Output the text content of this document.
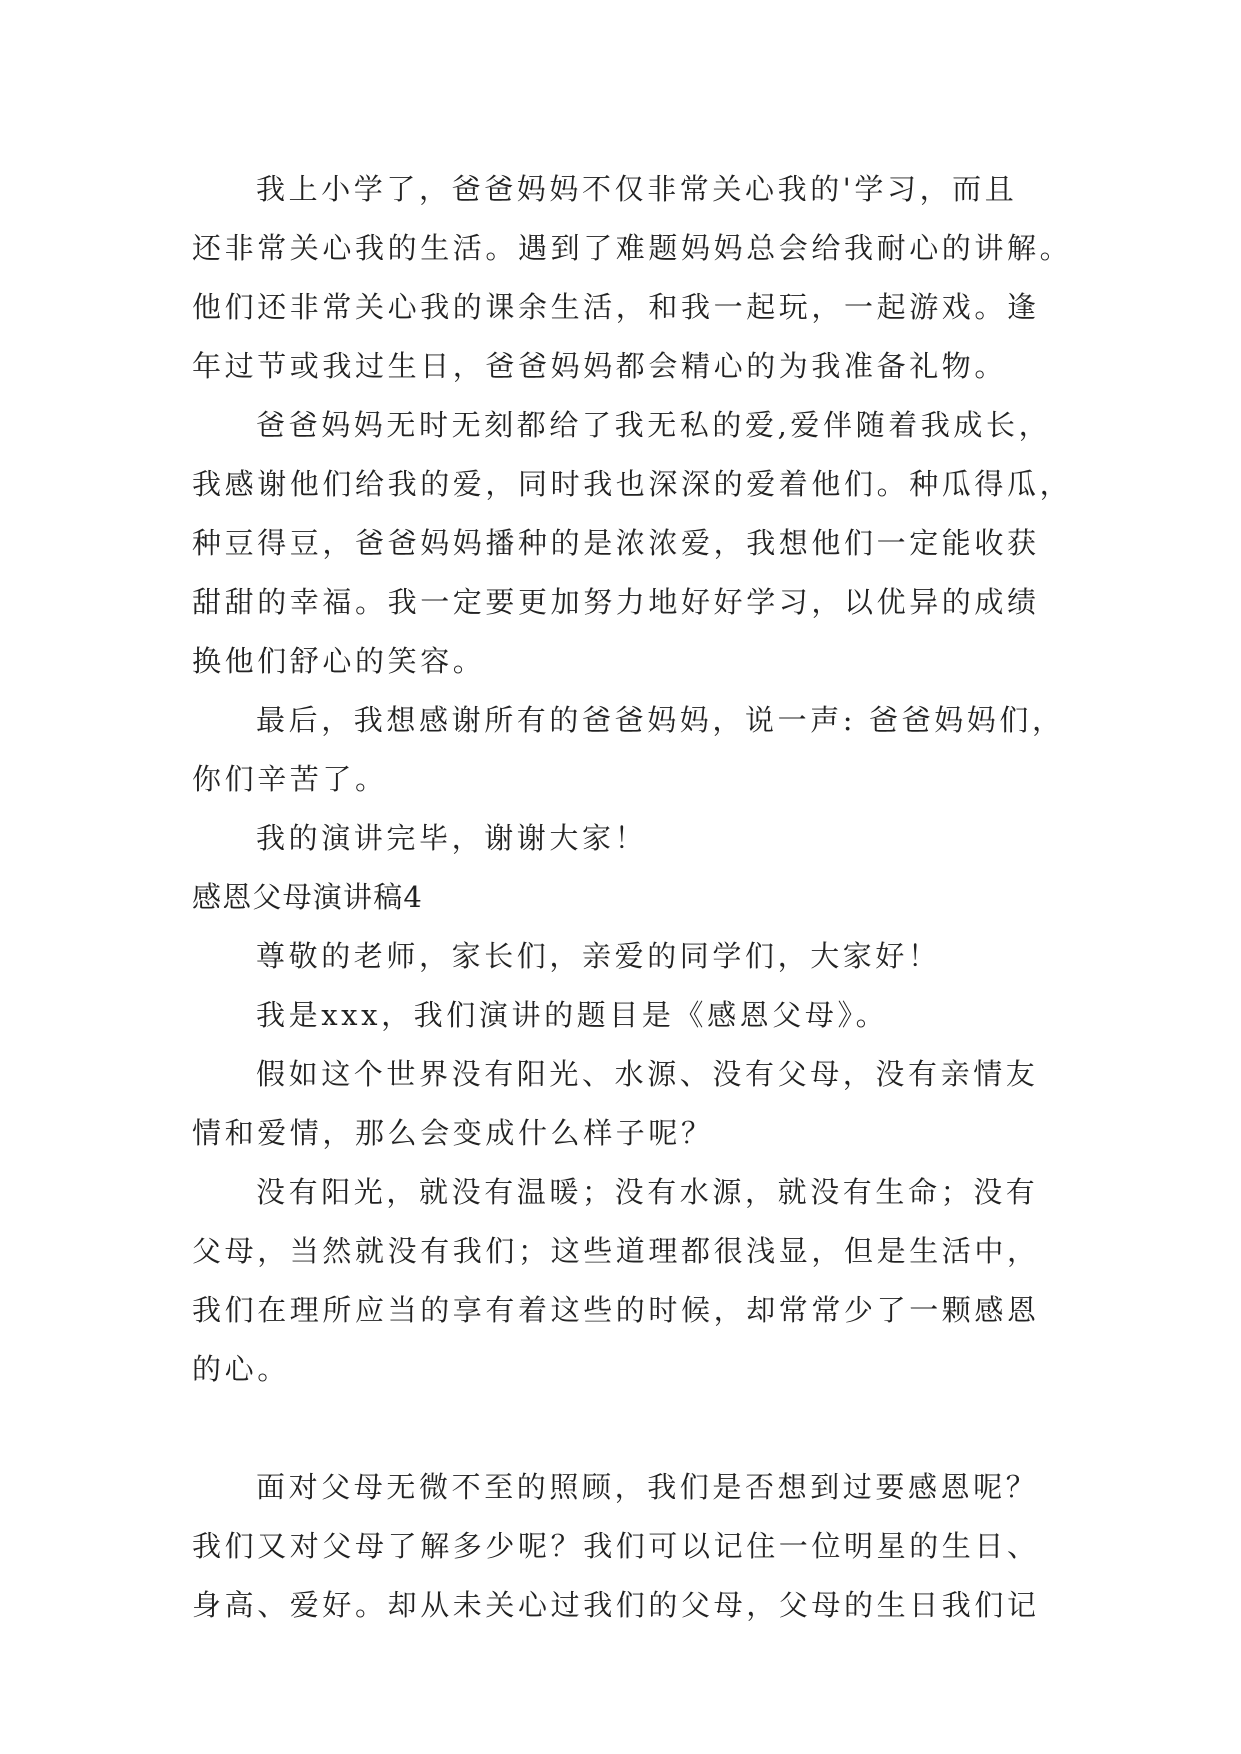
我上小学了，爸爸妈妈不仅非常关心我的'学习，而且
还非常关心我的生活。遇到了难题妈妈总会给我耐心的讲解。
他们还非常关心我的课余生活，和我一起玩，一起游戏。逢
年过节或我过生日，爸爸妈妈都会精心的为我准备礼物。
爸爸妈妈无时无刻都给了我无私的爱,爱伴随着我成长，
我感谢他们给我的爱，同时我也深深的爱着他们。种瓜得瓜，
种豆得豆，爸爸妈妈播种的是浓浓爱，我想他们一定能收获
甜甜的幸福。我一定要更加努力地好好学习，以优异的成绩
换他们舒心的笑容。
最后，我想感谢所有的爸爸妈妈，说一声: 爸爸妈妈们，
你们辛苦了。
我的演讲完毕，谢谢大家！
感恩父母演讲稿4
尊敬的老师，家长们，亲爱的同学们，大家好！
我是xxx，我们演讲的题目是《感恩父母》。
假如这个世界没有阳光、水源、没有父母，没有亲情友
情和爱情，那么会变成什么样子呢？
没有阳光，就没有温暖；没有水源，就没有生命；没有
父母，当然就没有我们；这些道理都很浅显，但是生活中，
我们在理所应当的享有着这些的时候，却常常少了一颗感恩
的心。
面对父母无微不至的照顾，我们是否想到过要感恩呢？
我们又对父母了解多少呢？我们可以记住一位明星的生日、
身高、爱好。却从未关心过我们的父母，父母的生日我们记
